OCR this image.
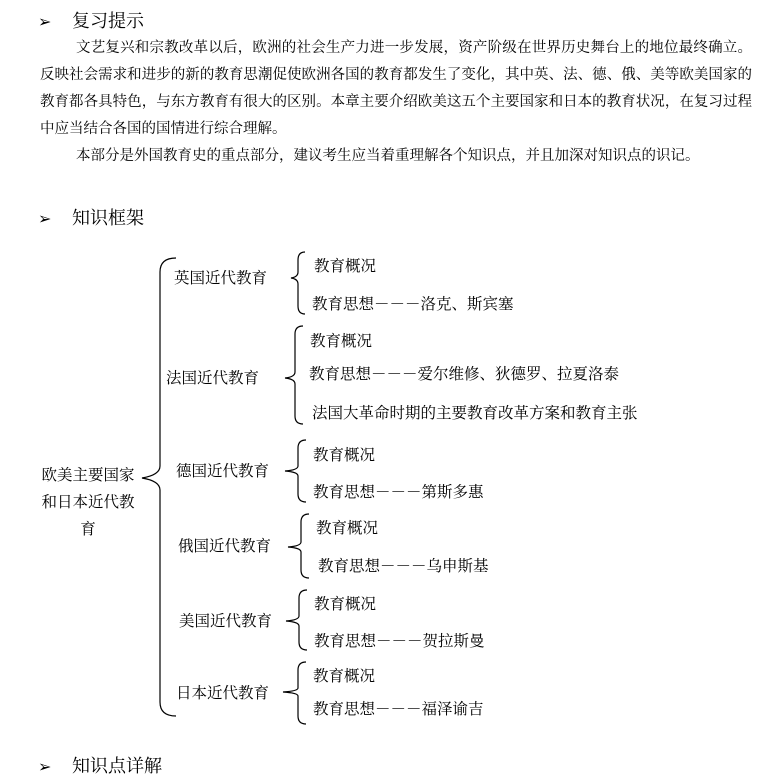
➢ 复习提示

文艺复兴和宗教改革以后，欧洲的社会生产力进一步发展，资产阶级在世界历史舞台上的地位最终确立。反映社会需求和进步的新的教育思潮促使欧洲各国的教育都发生了变化，其中英、法、德、俄、美等欧美国家的教育都各具特色，与东方教育有很大的区别。本章主要介绍欧美这五个主要国家和日本的教育状况，在复习过程中应当结合各国的国情进行综合理解。

本部分是外国教育史的重点部分，建议考生应当着重理解各个知识点，并且加深对知识点的识记。

➢ 知识框架
欧美主要国家和日本近代教育
英国近代教育
法国近代教育
德国近代教育
俄国近代教育
美国近代教育
日本近代教育
教育概况
教育思想－－－洛克、斯宾塞
教育概况
教育思想－－－爱尔维修、狄德罗、拉夏洛泰
法国大革命时期的主要教育改革方案和教育主张
教育概况
教育思想－－－第斯多惠
教育概况
教育思想－－－乌申斯基
教育概况
教育思想－－－贺拉斯曼
教育概况
教育思想－－－福泽谕吉
➢ 知识点详解
